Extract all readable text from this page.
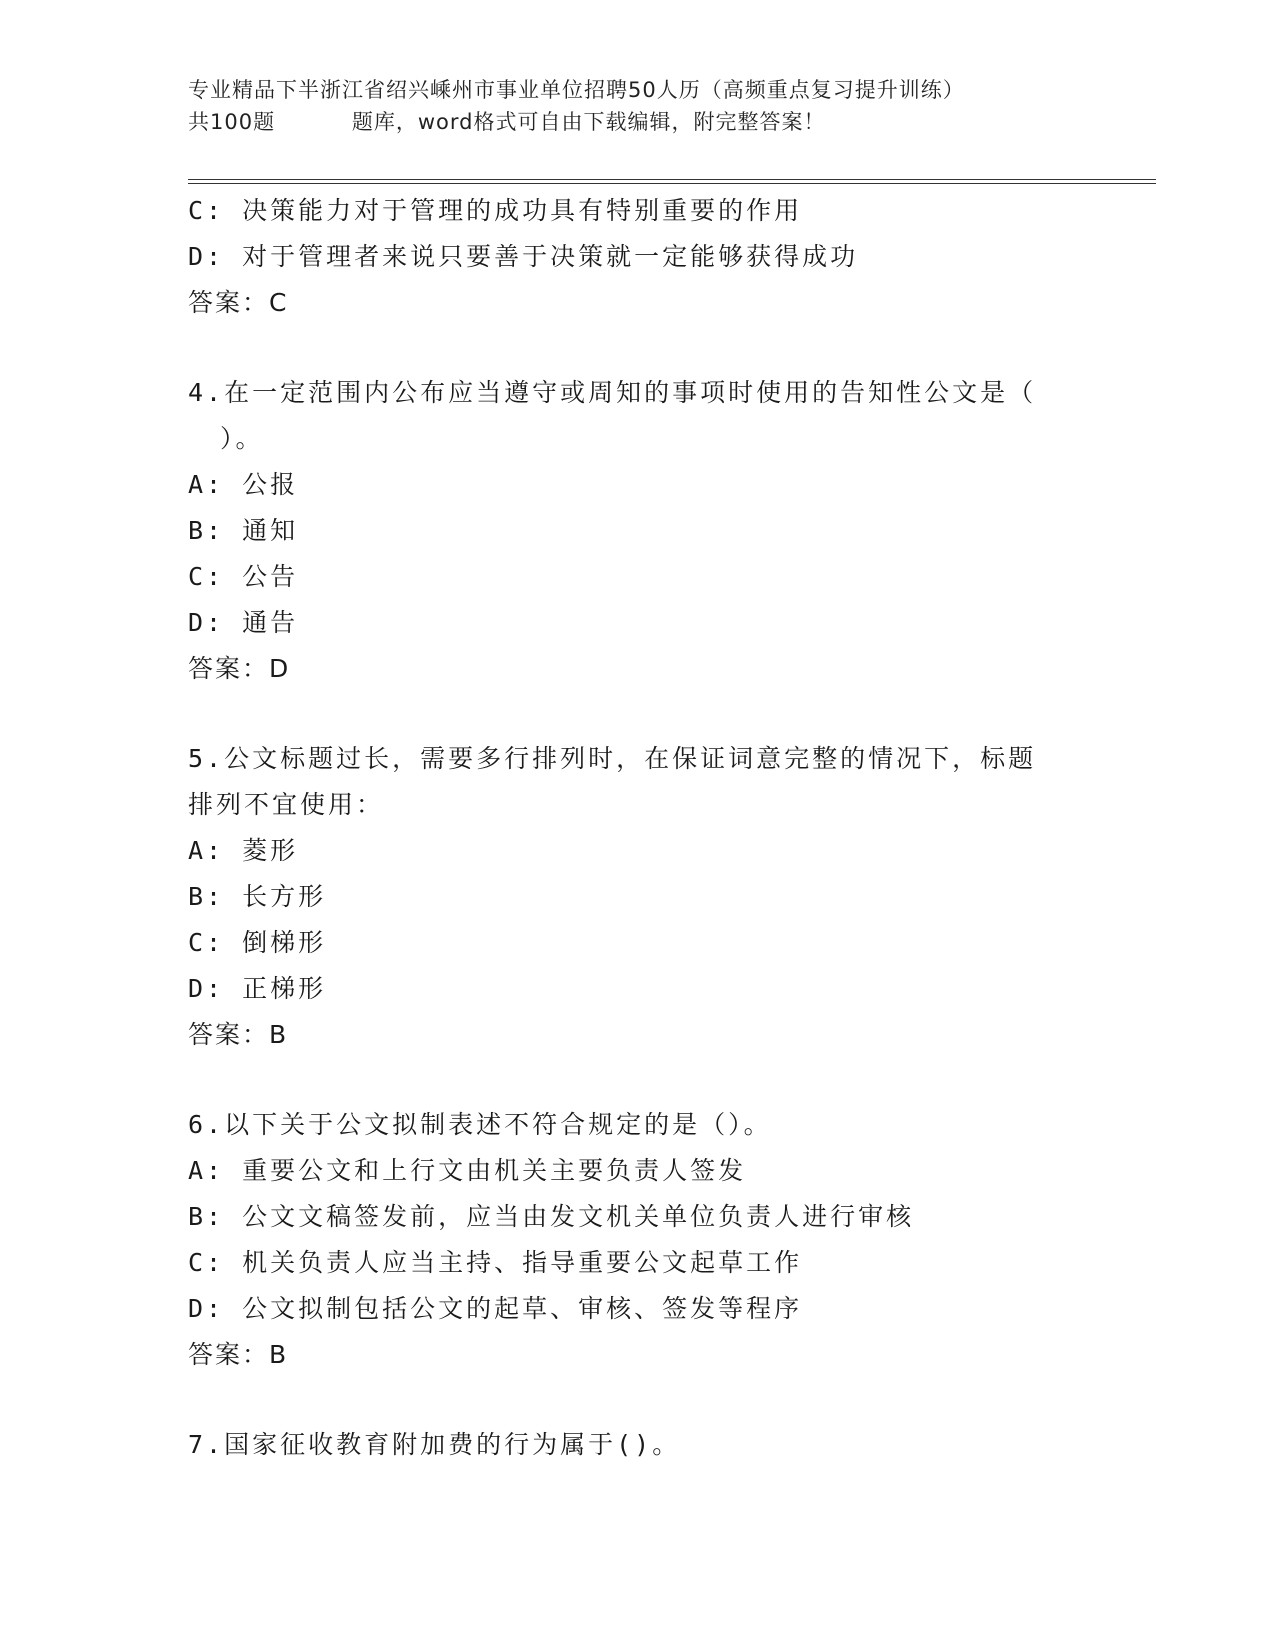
专业精品下半浙江省绍兴嵊州市事业单位招聘50人历（高频重点复习提升训练）
共100题          题库，word格式可自由下载编辑，附完整答案！
C: 决策能力对于管理的成功具有特别重要的作用
D: 对于管理者来说只要善于决策就一定能够获得成功
答案：C
4.在一定范围内公布应当遵守或周知的事项时使用的告知性公文是（
）。
A: 公报
B: 通知
C: 公告
D: 通告
答案：D
5.公文标题过长，需要多行排列时，在保证词意完整的情况下，标题
排列不宜使用：
A: 菱形
B: 长方形
C: 倒梯形
D: 正梯形
答案：B
6.以下关于公文拟制表述不符合规定的是（）。
A: 重要公文和上行文由机关主要负责人签发
B: 公文文稿签发前，应当由发文机关单位负责人进行审核
C: 机关负责人应当主持、指导重要公文起草工作
D: 公文拟制包括公文的起草、审核、签发等程序
答案：B
7.国家征收教育附加费的行为属于()。
